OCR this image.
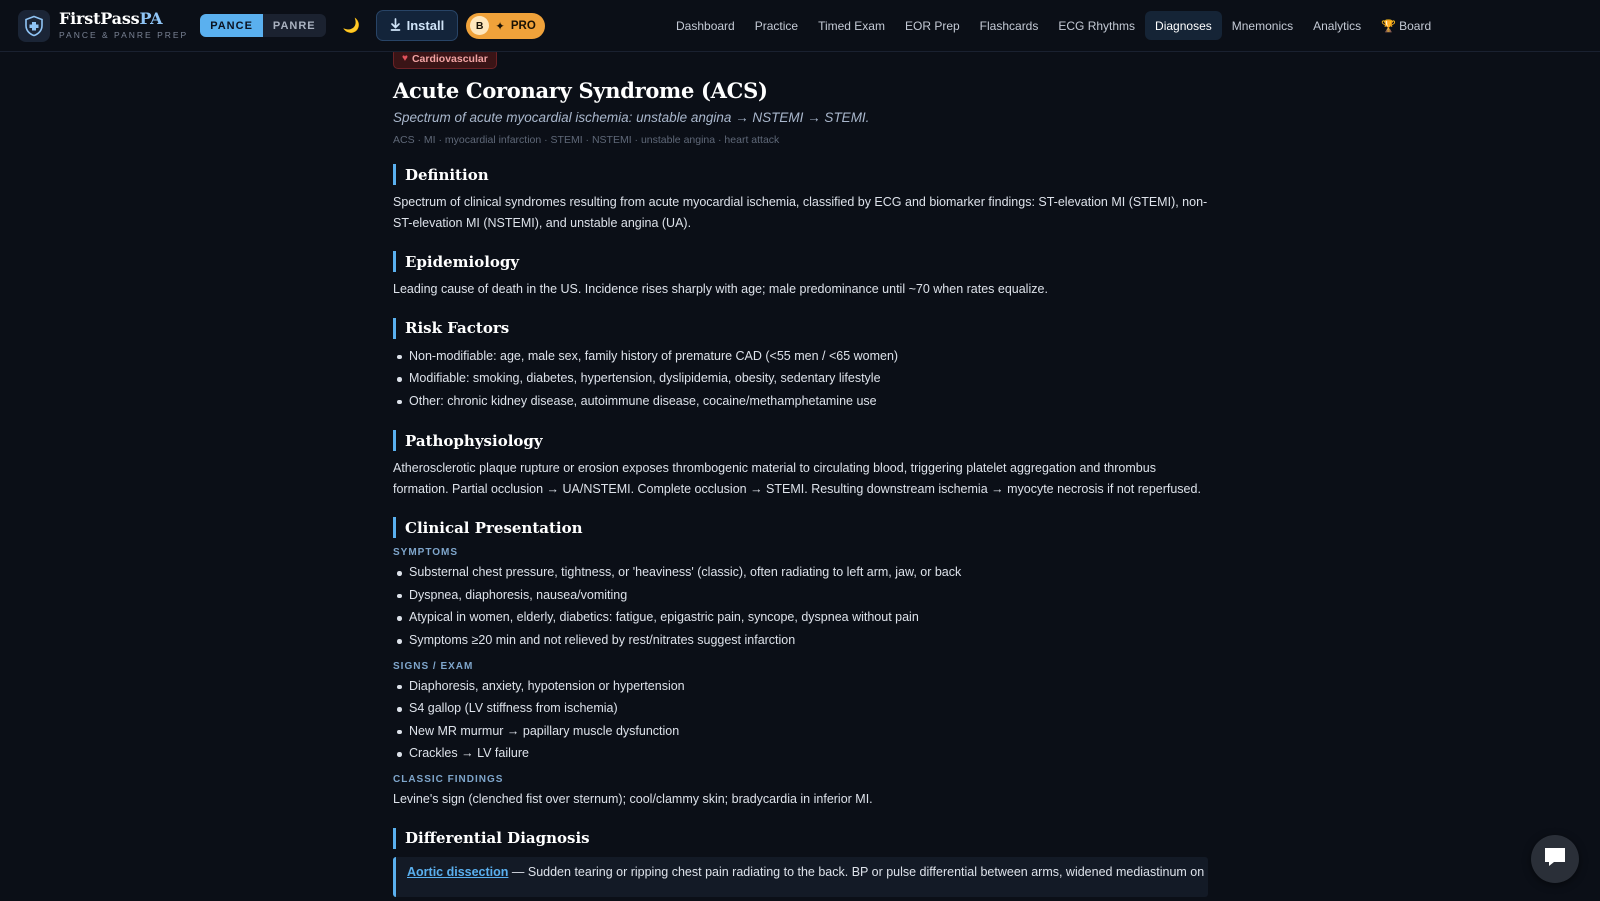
FirstPassPA
PANCE & PANRE PREP
PANCE	PANRE	🌙	Install	B	✦ PRO	Dashboard	Practice	Timed Exam	EOR Prep	Flashcards	ECG Rhythms	Diagnoses	Mnemonics	Analytics	🏆 Board
♥ Cardiovascular
Acute Coronary Syndrome (ACS)
Spectrum of acute myocardial ischemia: unstable angina → NSTEMI → STEMI.
ACS · MI · myocardial infarction · STEMI · NSTEMI · unstable angina · heart attack
Definition
Spectrum of clinical syndromes resulting from acute myocardial ischemia, classified by ECG and biomarker findings: ST-elevation MI (STEMI), non-ST-elevation MI (NSTEMI), and unstable angina (UA).
Epidemiology
Leading cause of death in the US. Incidence rises sharply with age; male predominance until ~70 when rates equalize.
Risk Factors
Non-modifiable: age, male sex, family history of premature CAD (<55 men / <65 women)
Modifiable: smoking, diabetes, hypertension, dyslipidemia, obesity, sedentary lifestyle
Other: chronic kidney disease, autoimmune disease, cocaine/methamphetamine use
Pathophysiology
Atherosclerotic plaque rupture or erosion exposes thrombogenic material to circulating blood, triggering platelet aggregation and thrombus formation. Partial occlusion → UA/NSTEMI. Complete occlusion → STEMI. Resulting downstream ischemia → myocyte necrosis if not reperfused.
Clinical Presentation
SYMPTOMS
Substernal chest pressure, tightness, or 'heaviness' (classic), often radiating to left arm, jaw, or back
Dyspnea, diaphoresis, nausea/vomiting
Atypical in women, elderly, diabetics: fatigue, epigastric pain, syncope, dyspnea without pain
Symptoms ≥20 min and not relieved by rest/nitrates suggest infarction
SIGNS / EXAM
Diaphoresis, anxiety, hypotension or hypertension
S4 gallop (LV stiffness from ischemia)
New MR murmur → papillary muscle dysfunction
Crackles → LV failure
CLASSIC FINDINGS
Levine's sign (clenched fist over sternum); cool/clammy skin; bradycardia in inferior MI.
Differential Diagnosis
Aortic dissection — Sudden tearing or ripping chest pain radiating to the back. BP or pulse differential between arms, widened mediastinum on
